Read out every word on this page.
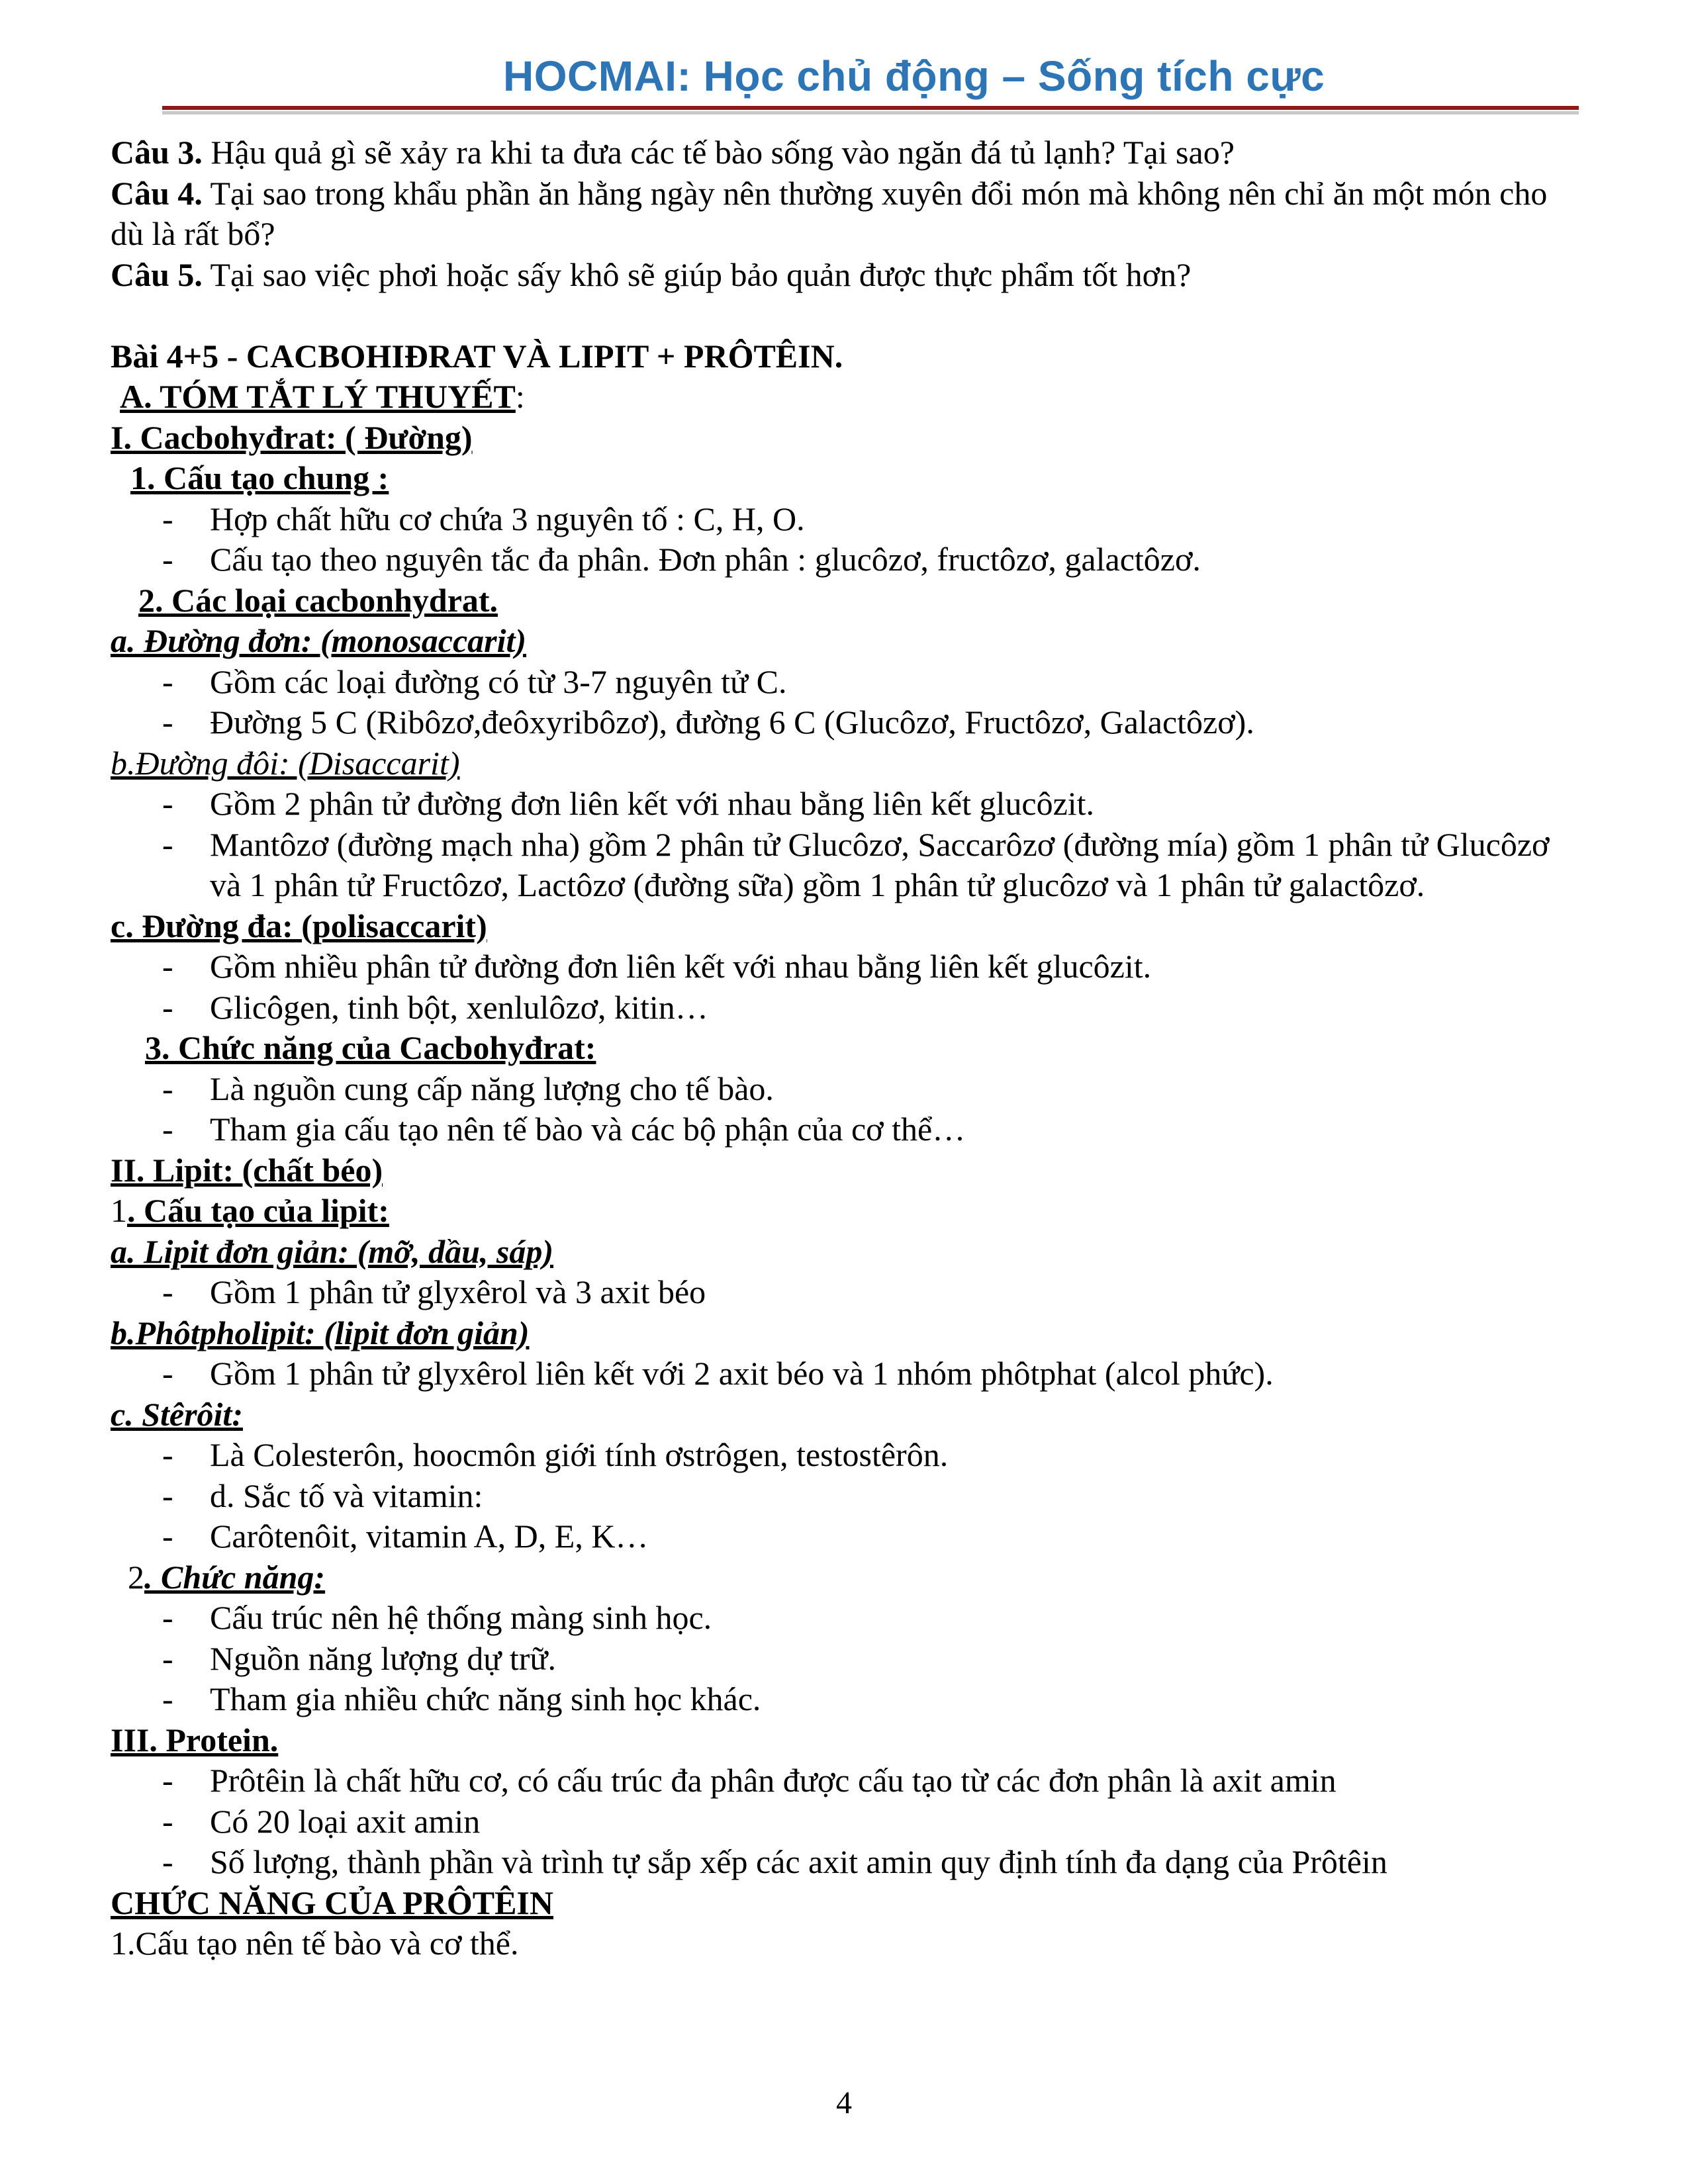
HOCMAI: Học chủ động – Sống tích cực
Câu 3. Hậu quả gì sẽ xảy ra khi ta đưa các tế bào sống vào ngăn đá tủ lạnh? Tại sao?
Câu 4. Tại sao trong khẩu phần ăn hằng ngày nên thường xuyên đổi món mà không nên chỉ ăn một món cho dù là rất bổ?
Câu 5. Tại sao việc phơi hoặc sấy khô sẽ giúp bảo quản được thực phẩm tốt hơn?
Bài 4+5 - CACBOHIĐRAT VÀ LIPIT + PRÔTÊIN.
A. TÓM TẮT LÝ THUYẾT:
I. Cacbohyđrat: ( Đường)
1. Cấu tạo chung :
- Hợp chất hữu cơ chứa 3 nguyên tố : C, H, O.
- Cấu tạo theo nguyên tắc đa phân. Đơn phân : glucôzơ, fructôzơ, galactôzơ.
2. Các loại cacbonhydrat.
a. Đường đơn: (monosaccarit)
- Gồm các loại đường có từ 3-7 nguyên tử C.
- Đường 5 C (Ribôzơ,đeôxyribôzơ), đường 6 C (Glucôzơ, Fructôzơ, Galactôzơ).
b.Đường đôi: (Disaccarit)
- Gồm 2 phân tử đường đơn liên kết với nhau bằng liên kết glucôzit.
- Mantôzơ (đường mạch nha) gồm 2 phân tử Glucôzơ, Saccarôzơ (đường mía) gồm 1 phân tử Glucôzơ và 1 phân tử Fructôzơ, Lactôzơ (đường sữa) gồm 1 phân tử glucôzơ và 1 phân tử galactôzơ.
c. Đường đa: (polisaccarit)
- Gồm nhiều phân tử đường đơn liên kết với nhau bằng liên kết glucôzit.
- Glicôgen, tinh bột, xenlulôzơ, kitin…
3. Chức năng của Cacbohyđrat:
- Là nguồn cung cấp năng lượng cho tế bào.
- Tham gia cấu tạo nên tế bào và các bộ phận của cơ thể…
II. Lipit: (chất béo)
1. Cấu tạo của lipit:
a. Lipit đơn giản: (mỡ, dầu, sáp)
- Gồm 1 phân tử glyxêrol và 3 axit béo
b.Phôtpholipit: (lipit đơn giản)
- Gồm 1 phân tử glyxêrol liên kết với 2 axit béo và 1 nhóm phôtphat (alcol phức).
c. Stêrôit:
- Là Colesterôn, hoocmôn giới tính ơstrôgen, testostêrôn.
- d. Sắc tố và vitamin:
- Carôtenôit, vitamin A, D, E, K…
2. Chức năng:
- Cấu trúc nên hệ thống màng sinh học.
- Nguồn năng lượng dự trữ.
- Tham gia nhiều chức năng sinh học khác.
III. Protein.
- Prôtêin là chất hữu cơ, có cấu trúc đa phân được cấu tạo từ các đơn phân là axit amin
- Có 20 loại axit amin
- Số lượng, thành phần và trình tự sắp xếp các axit amin quy định tính đa dạng của Prôtêin
CHỨC NĂNG CỦA PRÔTÊIN
1.Cấu tạo nên tế bào và cơ thể.
4
